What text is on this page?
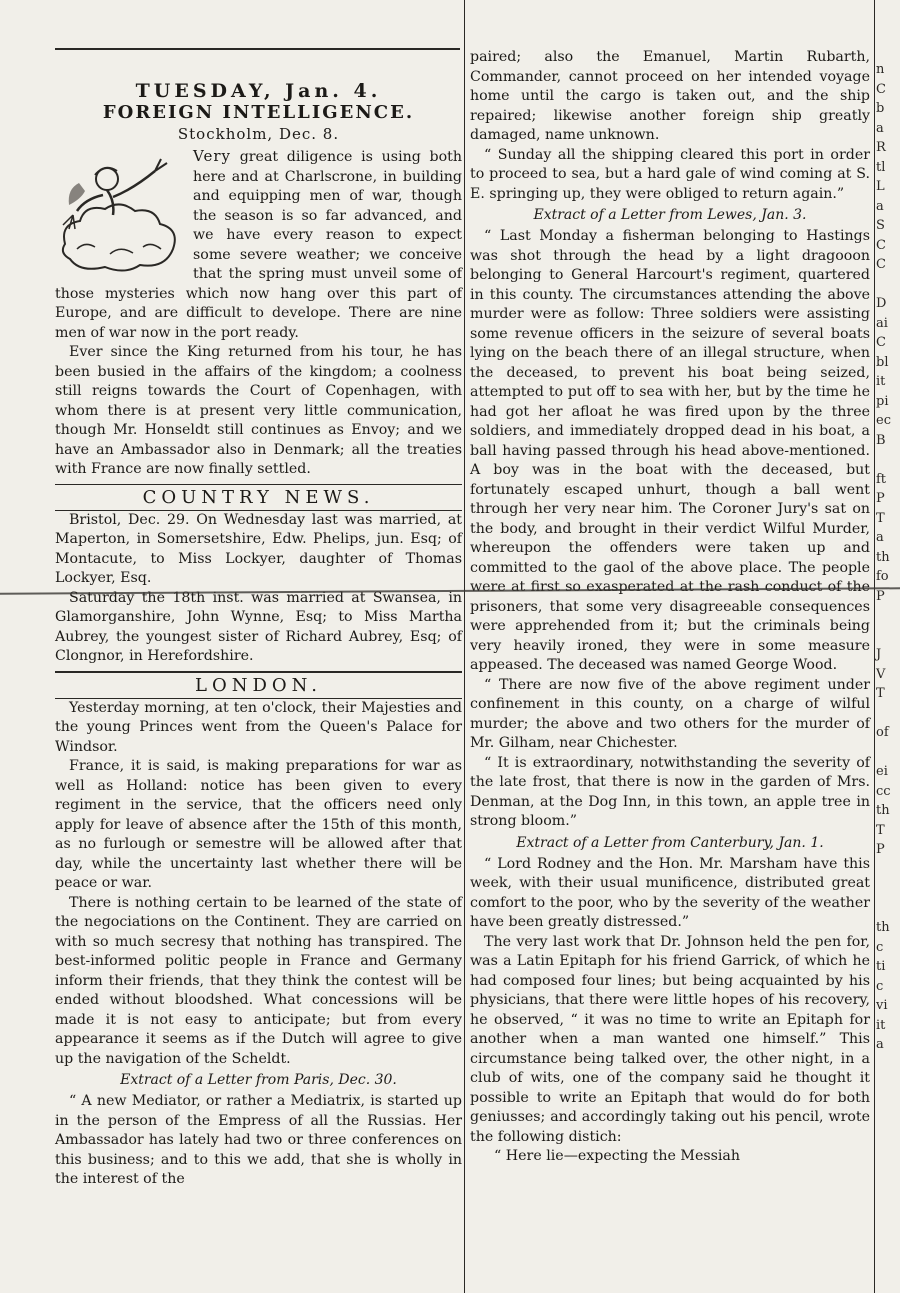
TUESDAY, Jan. 4.
FOREIGN INTELLIGENCE.
Stockholm, Dec. 8.

Very great diligence is using both here and at Charlscrone, in building and equipping men of war, though the season is so far advanced, and we have every reason to expect some severe weather; we conceive that the spring must unveil some of those mysteries which now hang over this part of Europe, and are difficult to develope. There are nine men of war now in the port ready.

Ever since the King returned from his tour, he has been busied in the affairs of the kingdom; a coolness still reigns towards the Court of Copenhagen, with whom there is at present very little communication, though Mr. Honseldt still continues as Envoy; and we have an Ambassador also in Denmark; all the treaties with France are now finally settled.

COUNTRY NEWS.

Bristol, Dec. 29. On Wednesday last was married, at Maperton, in Somersetshire, Edw. Phelips, jun. Esq; of Montacute, to Miss Lockyer, daughter of Thomas Lockyer, Esq.

Saturday the 18th inst. was married at Swansea, in Glamorganshire, John Wynne, Esq; to Miss Martha Aubrey, the youngest sister of Richard Aubrey, Esq; of Clongnor, in Herefordshire.

LONDON.

Yesterday morning, at ten o'clock, their Majesties and the young Princes went from the Queen's Palace for Windsor.

France, it is said, is making preparations for war as well as Holland: notice has been given to every regiment in the service, that the officers need only apply for leave of absence after the 15th of this month, as no furlough or semestre will be allowed after that day, while the uncertainty last whether there will be peace or war.

There is nothing certain to be learned of the state of the negociations on the Continent. They are carried on with so much secresy that nothing has transpired. The best-informed politic people in France and Germany inform their friends, that they think the contest will be ended without bloodshed. What concessions will be made it is not easy to anticipate; but from every appearance it seems as if the Dutch will agree to give up the navigation of the Scheldt.

Extract of a Letter from Paris, Dec. 30.

“ A new Mediator, or rather a Mediatrix, is started up in the person of the Empress of all the Russias. Her Ambassador has lately had two or three conferences on this business; and to this we add, that she is wholly in the interest of the

paired; also the Emanuel, Martin Rubarth, Commander, cannot proceed on her intended voyage home until the cargo is taken out, and the ship repaired; likewise another foreign ship greatly damaged, name unknown.

“ Sunday all the shipping cleared this port in order to proceed to sea, but a hard gale of wind coming at S. E. springing up, they were obliged to return again.”

Extract of a Letter from Lewes, Jan. 3.

“ Last Monday a fisherman belonging to Hastings was shot through the head by a light dragooon belonging to General Harcourt's regiment, quartered in this county. The circumstances attending the above murder were as follow: Three soldiers were assisting some revenue officers in the seizure of several boats lying on the beach there of an illegal structure, when the deceased, to prevent his boat being seized, attempted to put off to sea with her, but by the time he had got her afloat he was fired upon by the three soldiers, and immediately dropped dead in his boat, a ball having passed through his head above-mentioned. A boy was in the boat with the deceased, but fortunately escaped unhurt, though a ball went through her very near him. The Coroner Jury's sat on the body, and brought in their verdict Wilful Murder, whereupon the offenders were taken up and committed to the gaol of the above place. The people were at first so exasperated at the rash conduct of the prisoners, that some very disagreeable consequences were apprehended from it; but the criminals being very heavily ironed, they were in some measure appeased. The deceased was named George Wood.

“ There are now five of the above regiment under confinement in this county, on a charge of wilful murder; the above and two others for the murder of Mr. Gilham, near Chichester.

“ It is extraordinary, notwithstanding the severity of the late frost, that there is now in the garden of Mrs. Denman, at the Dog Inn, in this town, an apple tree in strong bloom.”

Extract of a Letter from Canterbury, Jan. 1.

“ Lord Rodney and the Hon. Mr. Marsham have this week, with their usual munificence, distributed great comfort to the poor, who by the severity of the weather have been greatly distressed.”

The very last work that Dr. Johnson held the pen for, was a Latin Epitaph for his friend Garrick, of which he had composed four lines; but being acquainted by his physicians, that there were little hopes of his recovery, he observed, “ it was no time to write an Epitaph for another when a man wanted one himself.” This circumstance being talked over, the other night, in a club of wits, one of the company said he thought it possible to write an Epitaph that would do for both geniusses; and accordingly taking out his pencil, wrote the following distich:

“ Here lie—expecting the Messiah

n
C
b
a
R
tl
L
a
S
C
C

D
ai
C
bl
it
pi
ec
B

ft
P
T
a
th
fo
P

J
V
T

of

ei
cc
th
T
P

th
c
ti
c
vi
it
a
